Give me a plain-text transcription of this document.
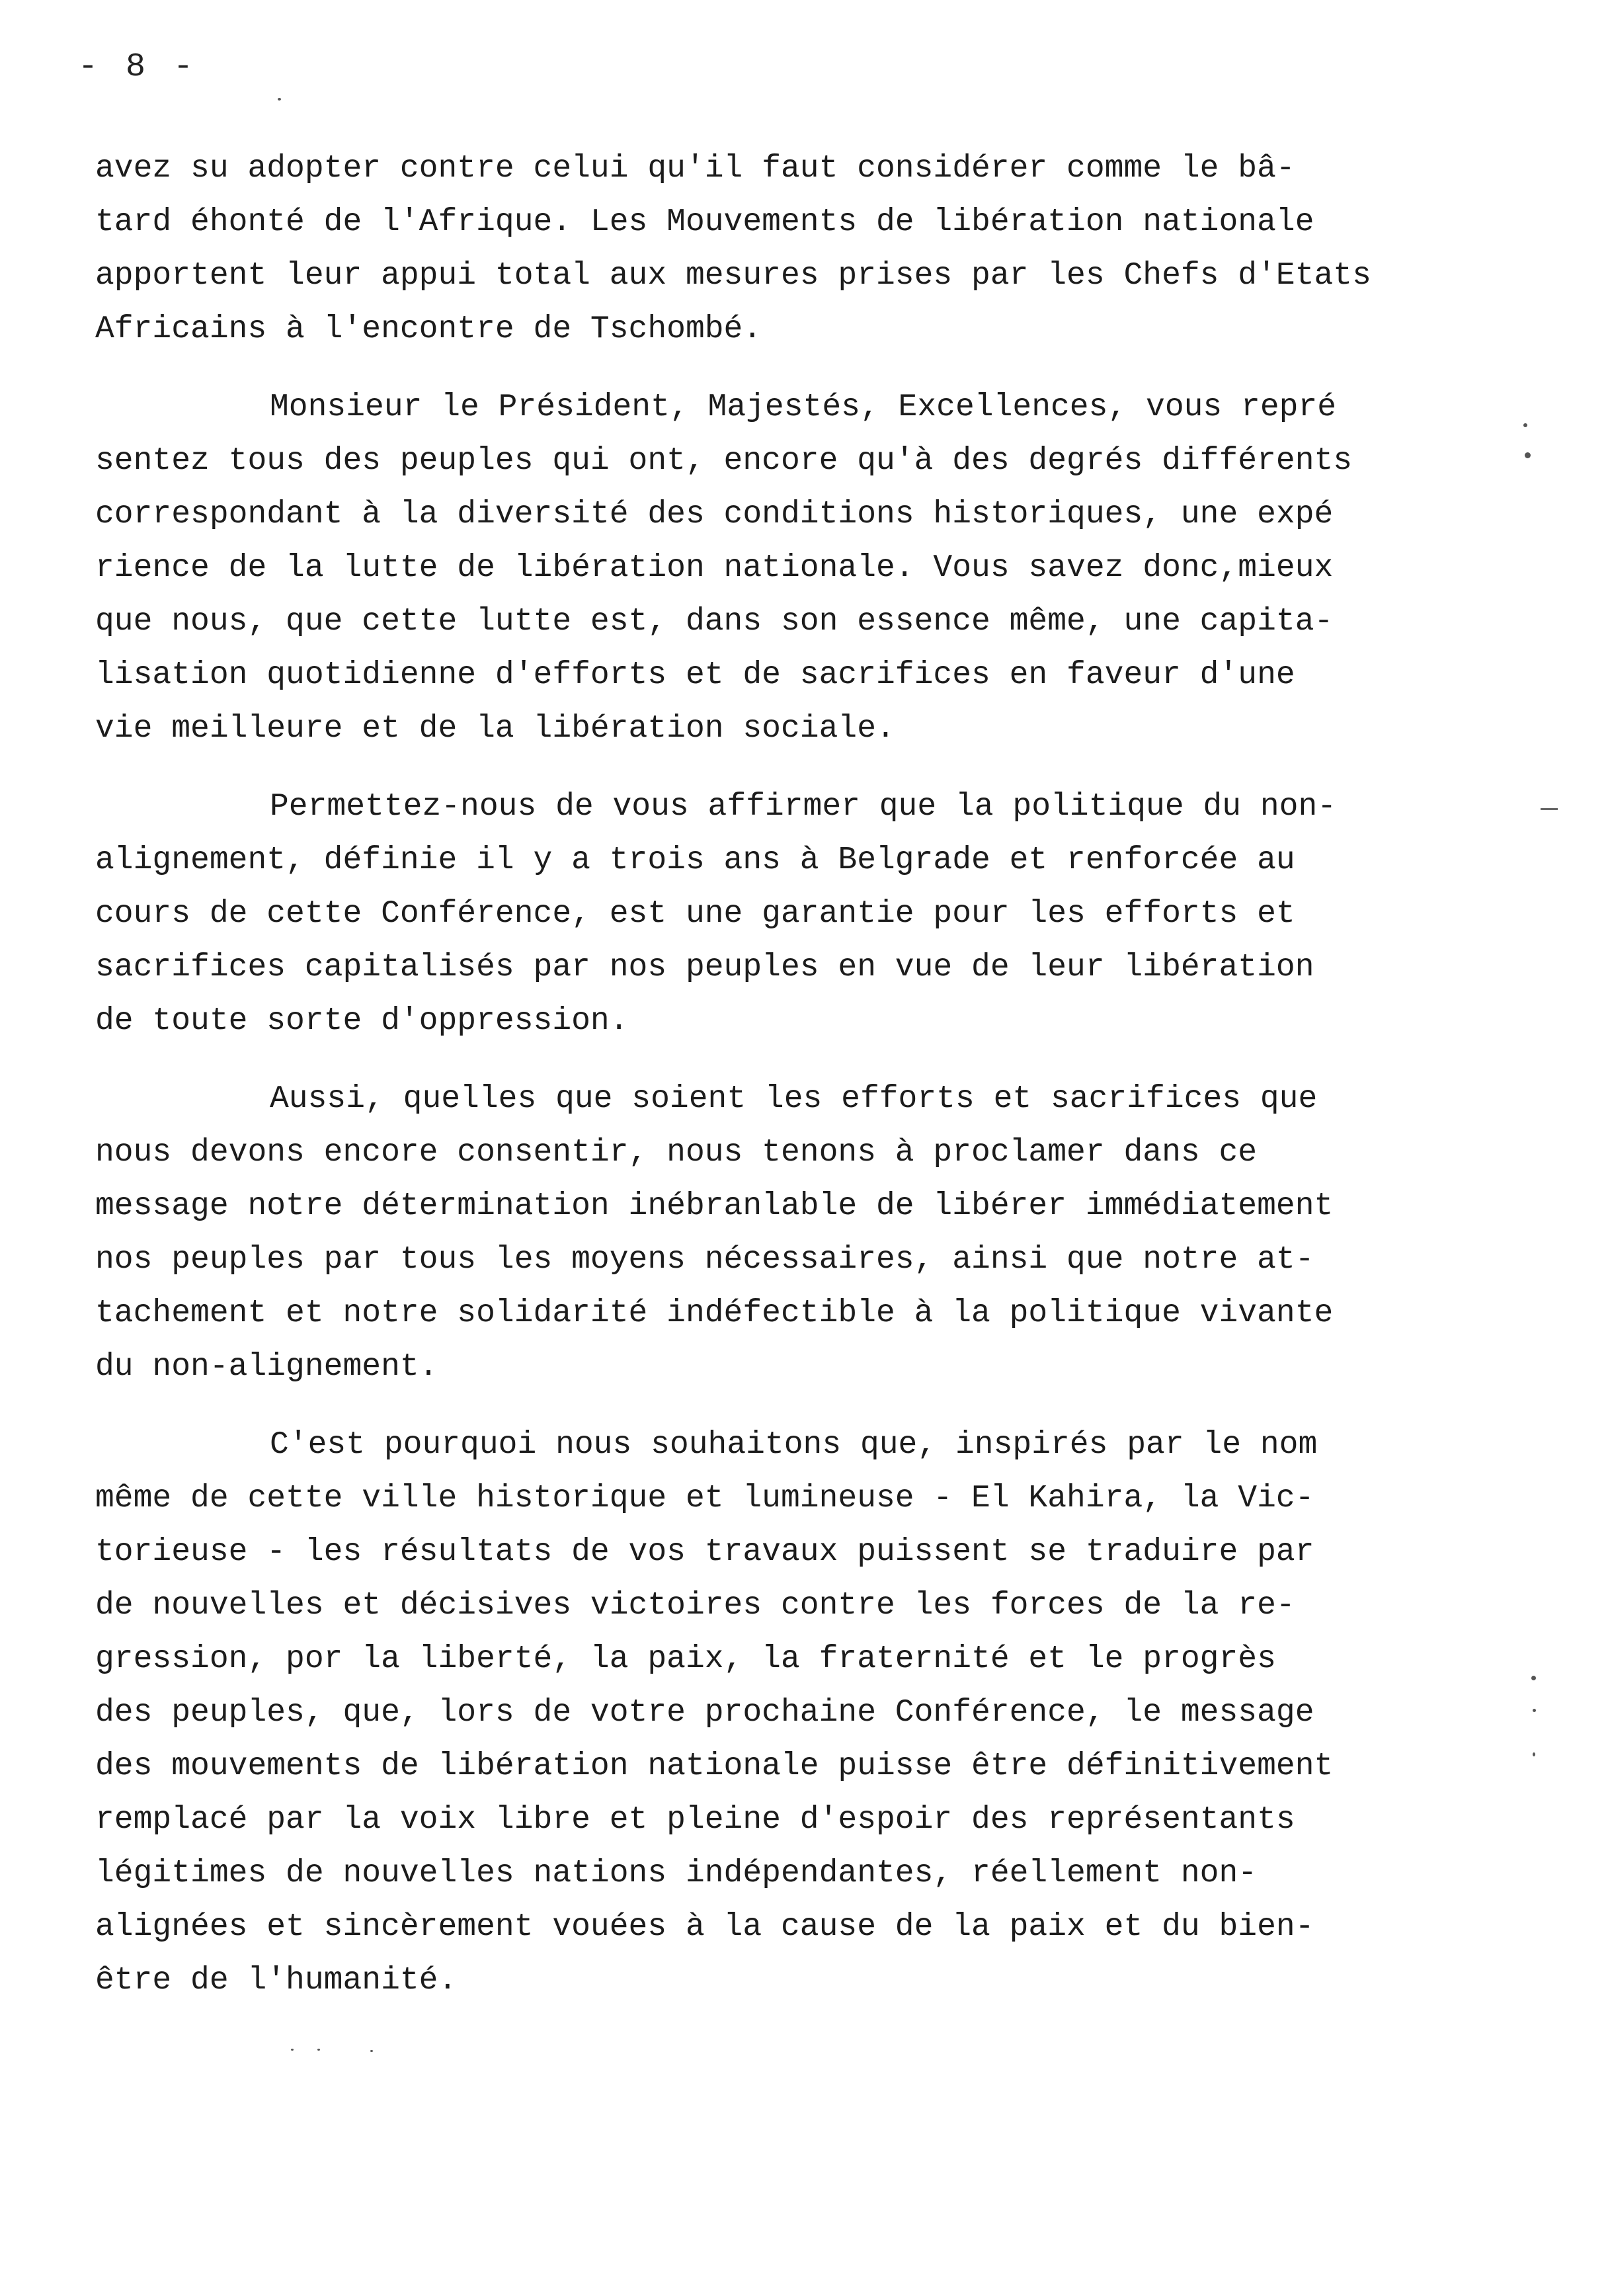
- 8 -

avez su adopter contre celui qu'il faut considérer comme le bâ-
tard éhonté de l'Afrique. Les Mouvements de libération nationale
apportent leur appui total aux mesures prises par les Chefs d'Etats
Africains à l'encontre de Tschombé.

Monsieur le Président, Majestés, Excellences, vous repré
sentez tous des peuples qui ont, encore qu'à des degrés différents
correspondant à la diversité des conditions historiques, une expé
rience de la lutte de libération nationale. Vous savez donc,mieux
que nous, que cette lutte est, dans son essence même, une capita-
lisation quotidienne d'efforts et de sacrifices en faveur d'une
vie meilleure et de la libération sociale.

Permettez-nous de vous affirmer que la politique du non-
alignement, définie il y a trois ans à Belgrade et renforcée au
cours de cette Conférence, est une garantie pour les efforts et
sacrifices capitalisés par nos peuples en vue de leur libération
de toute sorte d'oppression.

Aussi, quelles que soient les efforts et sacrifices que
nous devons encore consentir, nous tenons à proclamer dans ce
message notre détermination inébranlable de libérer immédiatement
nos peuples par tous les moyens nécessaires, ainsi que notre at-
tachement et notre solidarité indéfectible à la politique vivante
du non-alignement.

C'est pourquoi nous souhaitons que, inspirés par le nom
même de cette ville historique et lumineuse - El Kahira, la Vic-
torieuse - les résultats de vos travaux puissent se traduire par
de nouvelles et décisives victoires contre les forces de la re-
gression, por la liberté, la paix, la fraternité et le progrès
des peuples, que, lors de votre prochaine Conférence, le message
des mouvements de libération nationale puisse être définitivement
remplacé par la voix libre et pleine d'espoir des représentants
légitimes de nouvelles nations indépendantes, réellement non-
alignées et sincèrement vouées à la cause de la paix et du bien-
être de l'humanité.
